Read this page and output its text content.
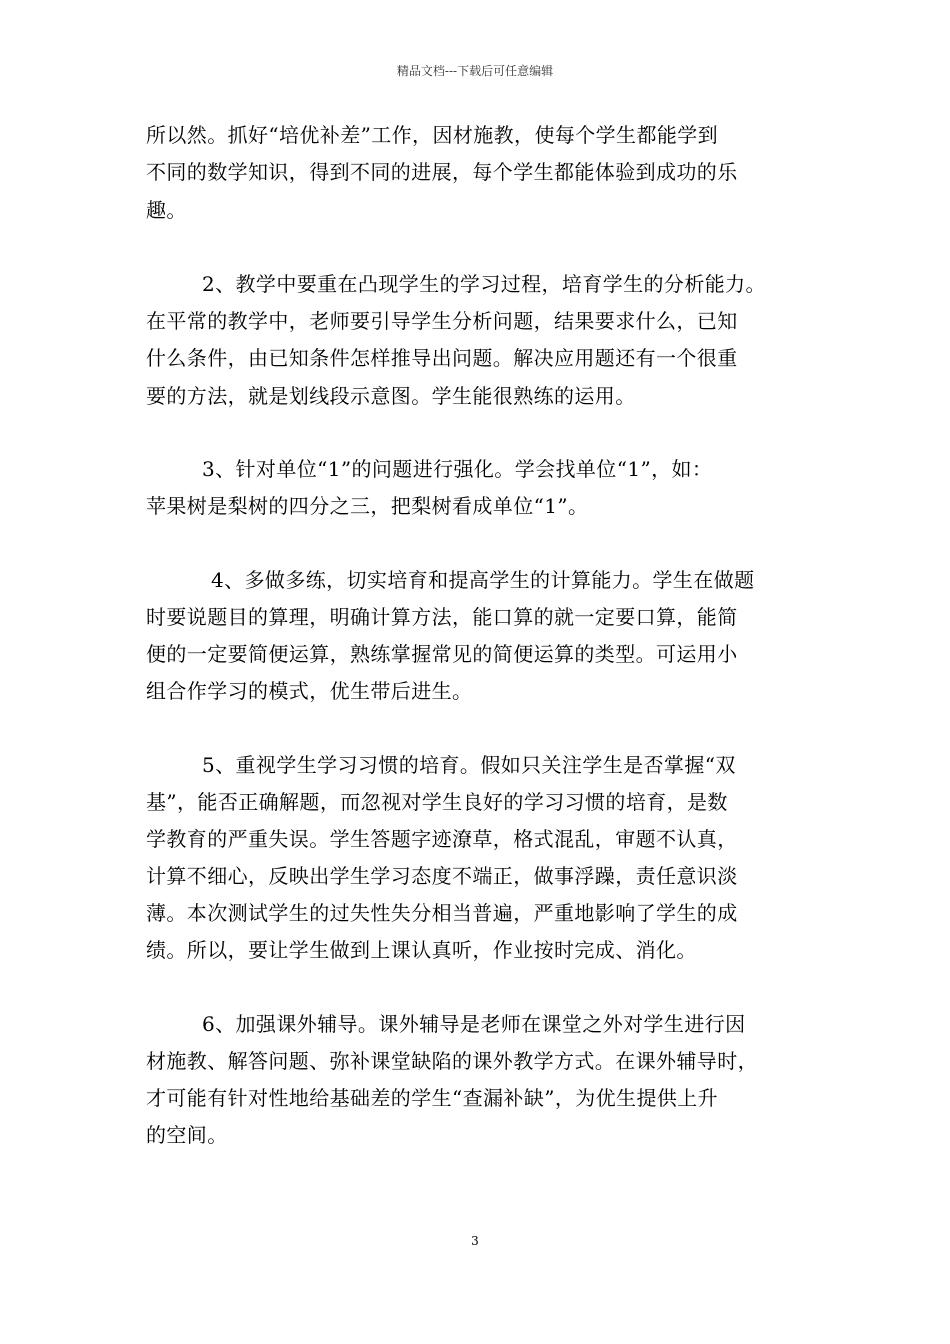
精品文档---下载后可任意编辑
所以然。抓好“培优补差”工作，因材施教，使每个学生都能学到
不同的数学知识，得到不同的进展，每个学生都能体验到成功的乐
趣。
2、教学中要重在凸现学生的学习过程，培育学生的分析能力。
在平常的教学中，老师要引导学生分析问题，结果要求什么，已知
什么条件，由已知条件怎样推导出问题。解决应用题还有一个很重
要的方法，就是划线段示意图。学生能很熟练的运用。
3、针对单位“1”的问题进行强化。学会找单位“1”，如：
苹果树是梨树的四分之三，把梨树看成单位“1”。
4、多做多练，切实培育和提高学生的计算能力。学生在做题
时要说题目的算理，明确计算方法，能口算的就一定要口算，能简
便的一定要简便运算，熟练掌握常见的简便运算的类型。可运用小
组合作学习的模式，优生带后进生。
5、重视学生学习习惯的培育。假如只关注学生是否掌握“双
基”，能否正确解题，而忽视对学生良好的学习习惯的培育，是数
学教育的严重失误。学生答题字迹潦草，格式混乱，审题不认真，
计算不细心，反映出学生学习态度不端正，做事浮躁，责任意识淡
薄。本次测试学生的过失性失分相当普遍，严重地影响了学生的成
绩。所以，要让学生做到上课认真听，作业按时完成、消化。
6、加强课外辅导。课外辅导是老师在课堂之外对学生进行因
材施教、解答问题、弥补课堂缺陷的课外教学方式。在课外辅导时，
才可能有针对性地给基础差的学生“查漏补缺”，为优生提供上升
的空间。
3
